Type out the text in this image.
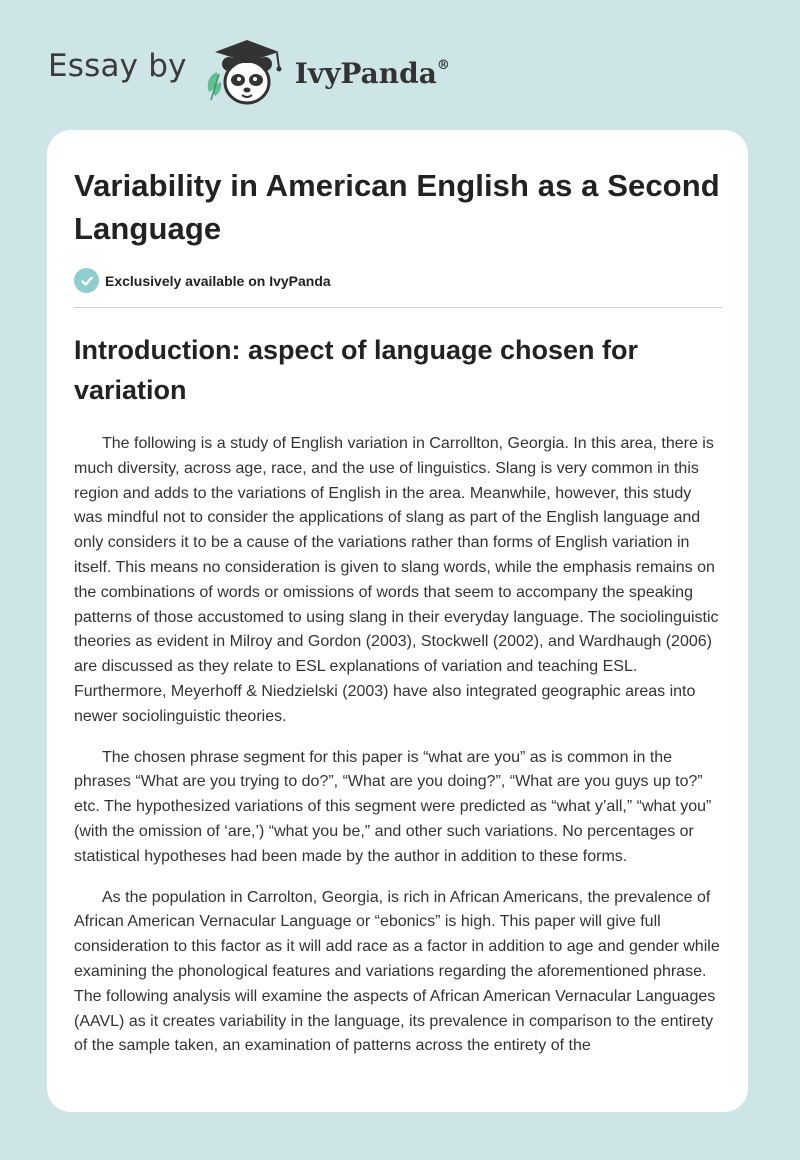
Essay by	IvyPanda®
Variability in American English as a Second Language
Exclusively available on IvyPanda
Introduction: aspect of language chosen for variation

The following is a study of English variation in Carrollton, Georgia. In this area, there is much diversity, across age, race, and the use of linguistics. Slang is very common in this region and adds to the variations of English in the area. Meanwhile, however, this study was mindful not to consider the applications of slang as part of the English language and only considers it to be a cause of the variations rather than forms of English variation in itself. This means no consideration is given to slang words, while the emphasis remains on the combinations of words or omissions of words that seem to accompany the speaking patterns of those accustomed to using slang in their everyday language. The sociolinguistic theories as evident in Milroy and Gordon (2003), Stockwell (2002), and Wardhaugh (2006) are discussed as they relate to ESL explanations of variation and teaching ESL. Furthermore, Meyerhoff & Niedzielski (2003) have also integrated geographic areas into newer sociolinguistic theories.

The chosen phrase segment for this paper is “what are you” as is common in the phrases “What are you trying to do?”, “What are you doing?”, “What are you guys up to?” etc. The hypothesized variations of this segment were predicted as “what y’all,” “what you” (with the omission of ‘are,’) “what you be,” and other such variations. No percentages or statistical hypotheses had been made by the author in addition to these forms.

As the population in Carrolton, Georgia, is rich in African Americans, the prevalence of African American Vernacular Language or “ebonics” is high. This paper will give full consideration to this factor as it will add race as a factor in addition to age and gender while examining the phonological features and variations regarding the aforementioned phrase. The following analysis will examine the aspects of African American Vernacular Languages (AAVL) as it creates variability in the language, its prevalence in comparison to the entirety of the sample taken, an examination of patterns across the entirety of the
